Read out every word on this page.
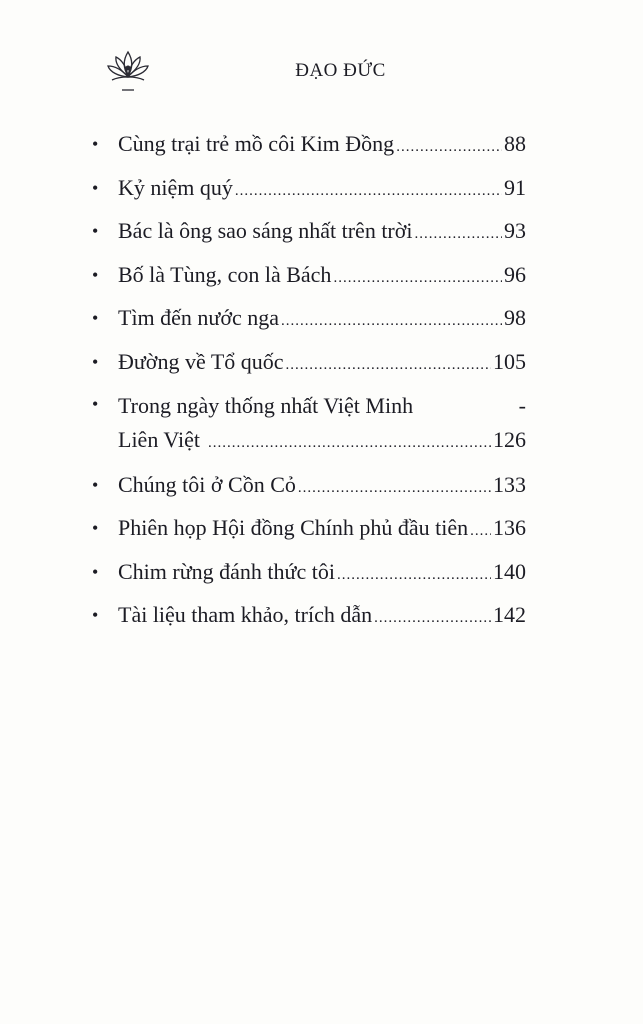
ĐẠO ĐỨC
• Cùng trại trẻ mồ côi Kim Đồng .....	88
• Kỷ niệm quý .....	91
• Bác là ông sao sáng nhất trên trời .....	93
• Bố là Tùng, con là Bách .....	96
• Tìm đến nước nga .....	98
• Đường về Tổ quốc .....	105
• Trong ngày thống nhất Việt Minh	-
Liên Việt .....	126
• Chúng tôi ở Cồn Cỏ .....	133
• Phiên họp Hội đồng Chính phủ đầu tiên ..... 136
• Chim rừng đánh thức tôi .....	140
• Tài liệu tham khảo, trích dẫn .....	142
